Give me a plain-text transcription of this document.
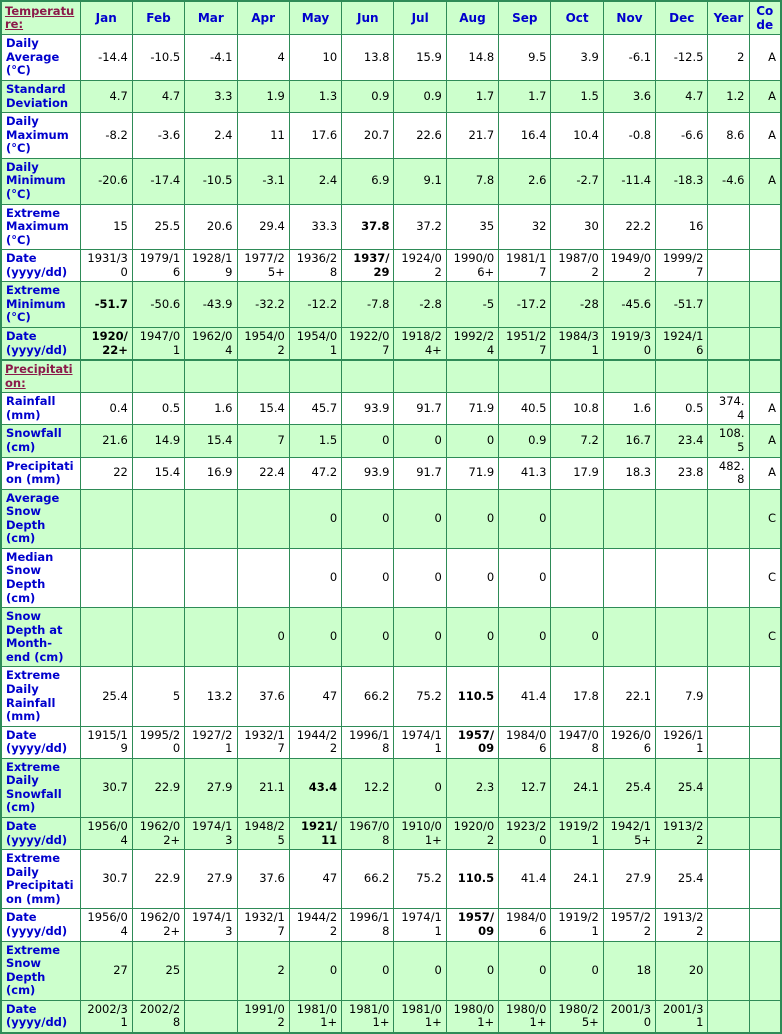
Temperature:	Jan	Feb	Mar	Apr	May	Jun	Jul	Aug	Sep	Oct	Nov	Dec	Year	Code
Daily Average (°C)	-14.4	-10.5	-4.1	4	10	13.8	15.9	14.8	9.5	3.9	-6.1	-12.5	2	A
Standard Deviation	4.7	4.7	3.3	1.9	1.3	0.9	0.9	1.7	1.7	1.5	3.6	4.7	1.2	A
Daily Maximum (°C)	-8.2	-3.6	2.4	11	17.6	20.7	22.6	21.7	16.4	10.4	-0.8	-6.6	8.6	A
Daily Minimum (°C)	-20.6	-17.4	-10.5	-3.1	2.4	6.9	9.1	7.8	2.6	-2.7	-11.4	-18.3	-4.6	A
Extreme Maximum (°C)	15	25.5	20.6	29.4	33.3	37.8	37.2	35	32	30	22.2	16		
Date (yyyy/dd)	1931/30	1979/16	1928/19	1977/25+	1936/28	1937/29	1924/02	1990/06+	1981/17	1987/02	1949/02	1999/27		
Extreme Minimum (°C)	-51.7	-50.6	-43.9	-32.2	-12.2	-7.8	-2.8	-5	-17.2	-28	-45.6	-51.7		
Date (yyyy/dd)	1920/22+	1947/01	1962/04	1954/02	1954/01	1922/07	1918/24+	1992/24	1951/27	1984/31	1919/30	1924/16		
Precipitation:														
Rainfall (mm)	0.4	0.5	1.6	15.4	45.7	93.9	91.7	71.9	40.5	10.8	1.6	0.5	374.4	A
Snowfall (cm)	21.6	14.9	15.4	7	1.5	0	0	0	0.9	7.2	16.7	23.4	108.5	A
Precipitation (mm)	22	15.4	16.9	22.4	47.2	93.9	91.7	71.9	41.3	17.9	18.3	23.8	482.8	A
Average Snow Depth (cm)					0	0	0	0	0					C
Median Snow Depth (cm)					0	0	0	0	0					C
Snow Depth at Month-end (cm)				0	0	0	0	0	0	0				C
Extreme Daily Rainfall (mm)	25.4	5	13.2	37.6	47	66.2	75.2	110.5	41.4	17.8	22.1	7.9		
Date (yyyy/dd)	1915/19	1995/20	1927/21	1932/17	1944/22	1996/18	1974/11	1957/09	1984/06	1947/08	1926/06	1926/11		
Extreme Daily Snowfall (cm)	30.7	22.9	27.9	21.1	43.4	12.2	0	2.3	12.7	24.1	25.4	25.4		
Date (yyyy/dd)	1956/04	1962/02+	1974/13	1948/25	1921/11	1967/08	1910/01+	1920/02	1923/20	1919/21	1942/15+	1913/22		
Extreme Daily Precipitation (mm)	30.7	22.9	27.9	37.6	47	66.2	75.2	110.5	41.4	24.1	27.9	25.4		
Date (yyyy/dd)	1956/04	1962/02+	1974/13	1932/17	1944/22	1996/18	1974/11	1957/09	1984/06	1919/21	1957/22	1913/22		
Extreme Snow Depth (cm)	27	25		2	0	0	0	0	0	0	18	20		
Date (yyyy/dd)	2002/31	2002/28		1991/02	1981/01+	1981/01+	1981/01+	1980/01+	1980/01+	1980/25+	2001/30	2001/31		
